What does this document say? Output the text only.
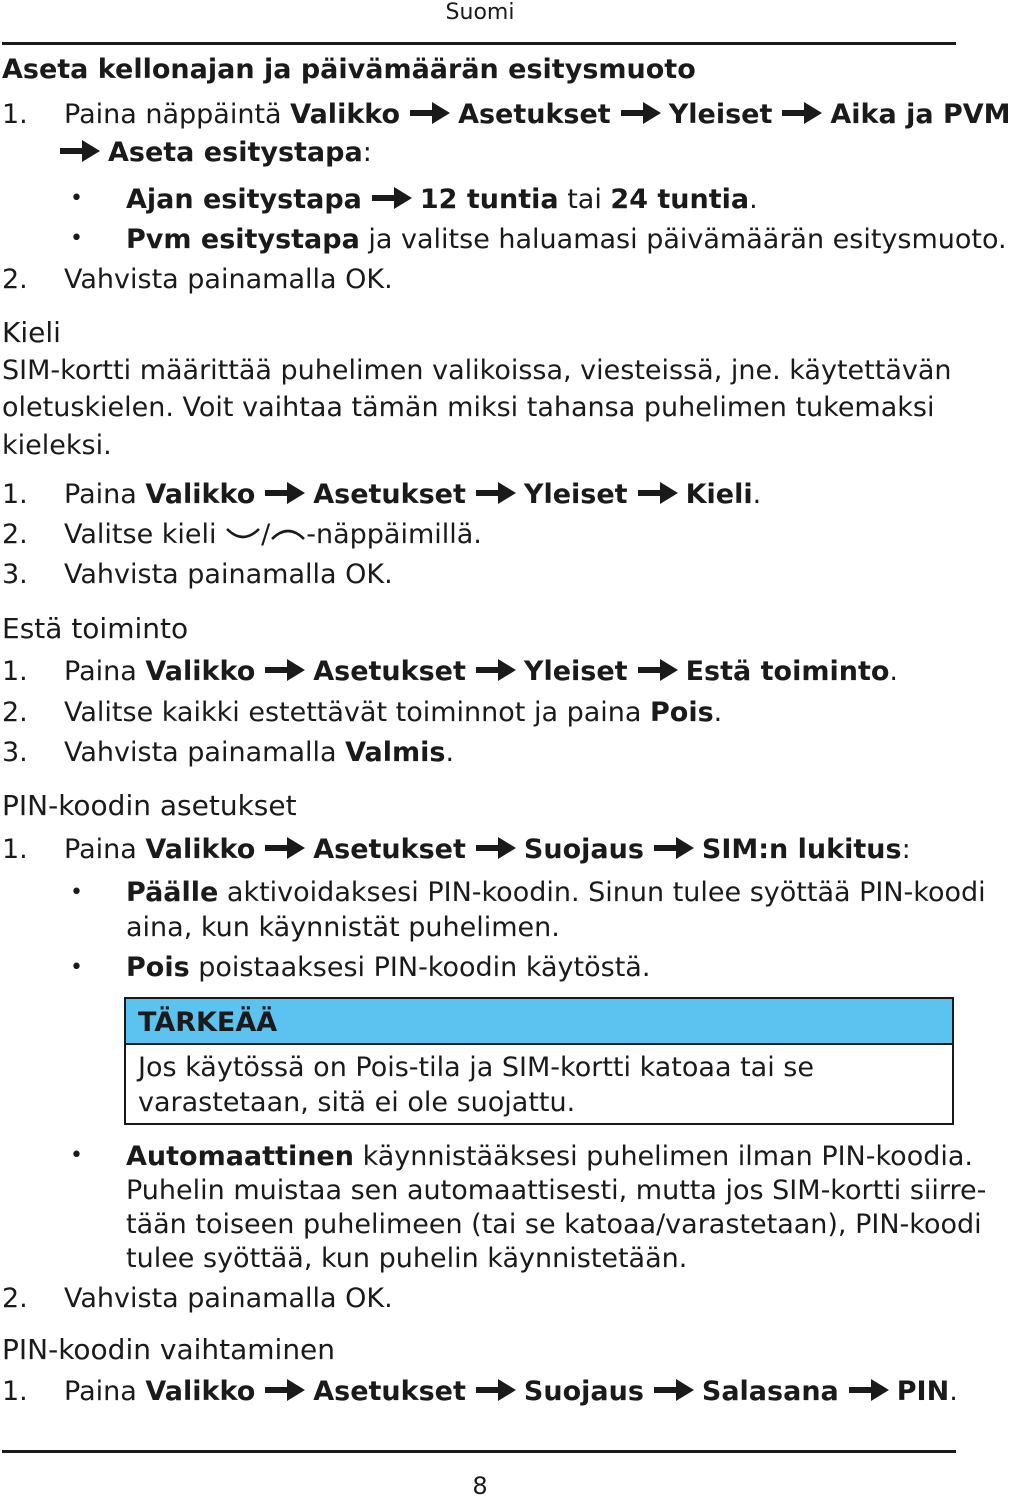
Suomi
Aseta kellonajan ja päivämäärän esitysmuoto
1. Paina näppäintä Valikko Asetukset Yleiset Aika ja PVM
Aseta esitystapa:
• Ajan esitystapa 12 tuntia tai 24 tuntia.
• Pvm esitystapa ja valitse haluamasi päivämäärän esitysmuoto.
2. Vahvista painamalla OK.
Kieli
SIM-kortti määrittää puhelimen valikoissa, viesteissä, jne. käytettävän
oletuskielen. Voit vaihtaa tämän miksi tahansa puhelimen tukemaksi
kieleksi.
1. Paina Valikko Asetukset Yleiset Kieli.
2. Valitse kieli / -näppäimillä.
3. Vahvista painamalla OK.
Estä toiminto
1. Paina Valikko Asetukset Yleiset Estä toiminto.
2. Valitse kaikki estettävät toiminnot ja paina Pois.
3. Vahvista painamalla Valmis.
PIN-koodin asetukset
1. Paina Valikko Asetukset Suojaus SIM:n lukitus:
• Päälle aktivoidaksesi PIN-koodin. Sinun tulee syöttää PIN-koodi
aina, kun käynnistät puhelimen.
• Pois poistaaksesi PIN-koodin käytöstä.
TÄRKEÄÄ
Jos käytössä on Pois-tila ja SIM-kortti katoaa tai se
varastetaan, sitä ei ole suojattu.
• Automaattinen käynnistääksesi puhelimen ilman PIN-koodia.
Puhelin muistaa sen automaattisesti, mutta jos SIM-kortti siirre-
tään toiseen puhelimeen (tai se katoaa/varastetaan), PIN-koodi
tulee syöttää, kun puhelin käynnistetään.
2. Vahvista painamalla OK.
PIN-koodin vaihtaminen
1. Paina Valikko Asetukset Suojaus Salasana PIN.
8
